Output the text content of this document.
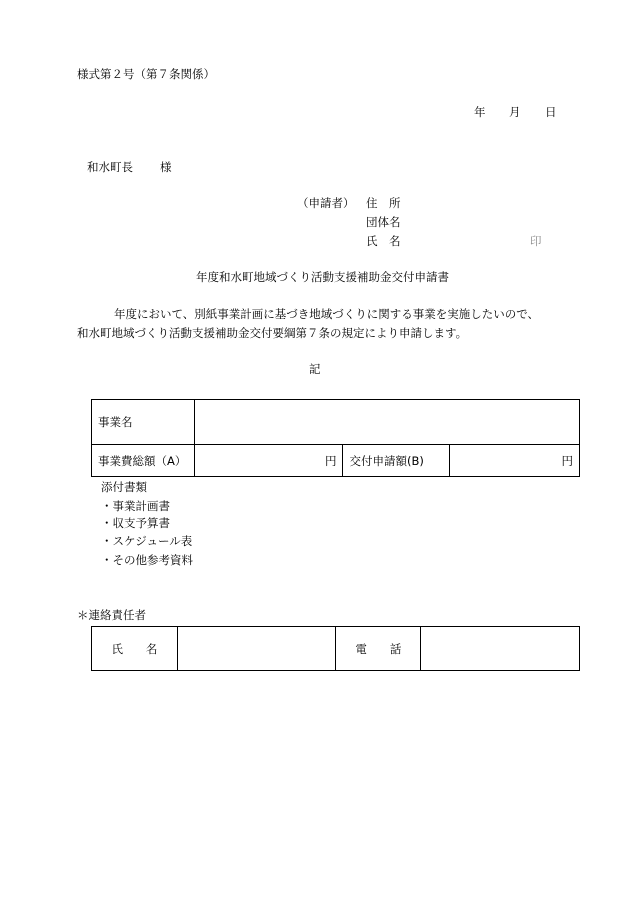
様式第２号（第７条関係）
年 月 日
和水町長 様
（申請者） 住　所
団体名
氏　名	印
年度和水町地域づくり活動支援補助金交付申請書
年度において、別紙事業計画に基づき地域づくりに関する事業を実施したいので、
和水町地域づくり活動支援補助金交付要綱第７条の規定により申請します。
記
事業名			
事業費総額（A）	円	交付申請額(B)	円
添付書類
・事業計画書
・収支予算書
・スケジュール表
・その他参考資料
＊連絡責任者
氏　　名		電　　話	
